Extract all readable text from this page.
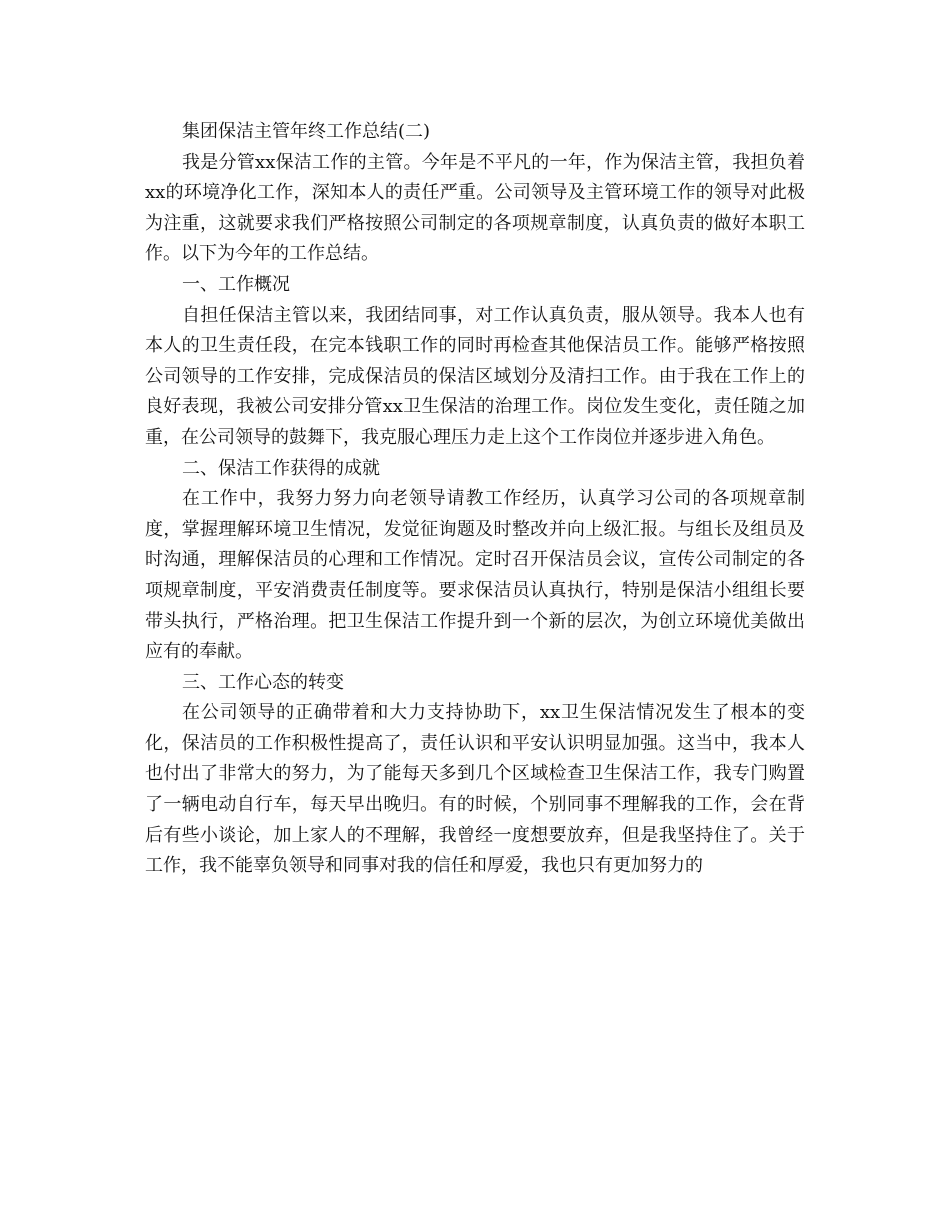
集团保洁主管年终工作总结(二)

我是分管xx保洁工作的主管。今年是不平凡的一年，作为保洁主管，我担负着xx的环境净化工作，深知本人的责任严重。公司领导及主管环境工作的领导对此极为注重，这就要求我们严格按照公司制定的各项规章制度，认真负责的做好本职工作。以下为今年的工作总结。

一、工作概况

自担任保洁主管以来，我团结同事，对工作认真负责，服从领导。我本人也有本人的卫生责任段，在完本钱职工作的同时再检查其他保洁员工作。能够严格按照公司领导的工作安排，完成保洁员的保洁区域划分及清扫工作。由于我在工作上的良好表现，我被公司安排分管xx卫生保洁的治理工作。岗位发生变化，责任随之加重，在公司领导的鼓舞下，我克服心理压力走上这个工作岗位并逐步进入角色。

二、保洁工作获得的成就

在工作中，我努力努力向老领导请教工作经历，认真学习公司的各项规章制度，掌握理解环境卫生情况，发觉征询题及时整改并向上级汇报。与组长及组员及时沟通，理解保洁员的心理和工作情况。定时召开保洁员会议，宣传公司制定的各项规章制度，平安消费责任制度等。要求保洁员认真执行，特别是保洁小组组长要带头执行，严格治理。把卫生保洁工作提升到一个新的层次，为创立环境优美做出应有的奉献。

三、工作心态的转变

在公司领导的正确带着和大力支持协助下，xx卫生保洁情况发生了根本的变化，保洁员的工作积极性提高了，责任认识和平安认识明显加强。这当中，我本人也付出了非常大的努力，为了能每天多到几个区域检查卫生保洁工作，我专门购置了一辆电动自行车，每天早出晚归。有的时候，个别同事不理解我的工作，会在背后有些小谈论，加上家人的不理解，我曾经一度想要放弃，但是我坚持住了。关于工作，我不能辜负领导和同事对我的信任和厚爱，我也只有更加努力的
